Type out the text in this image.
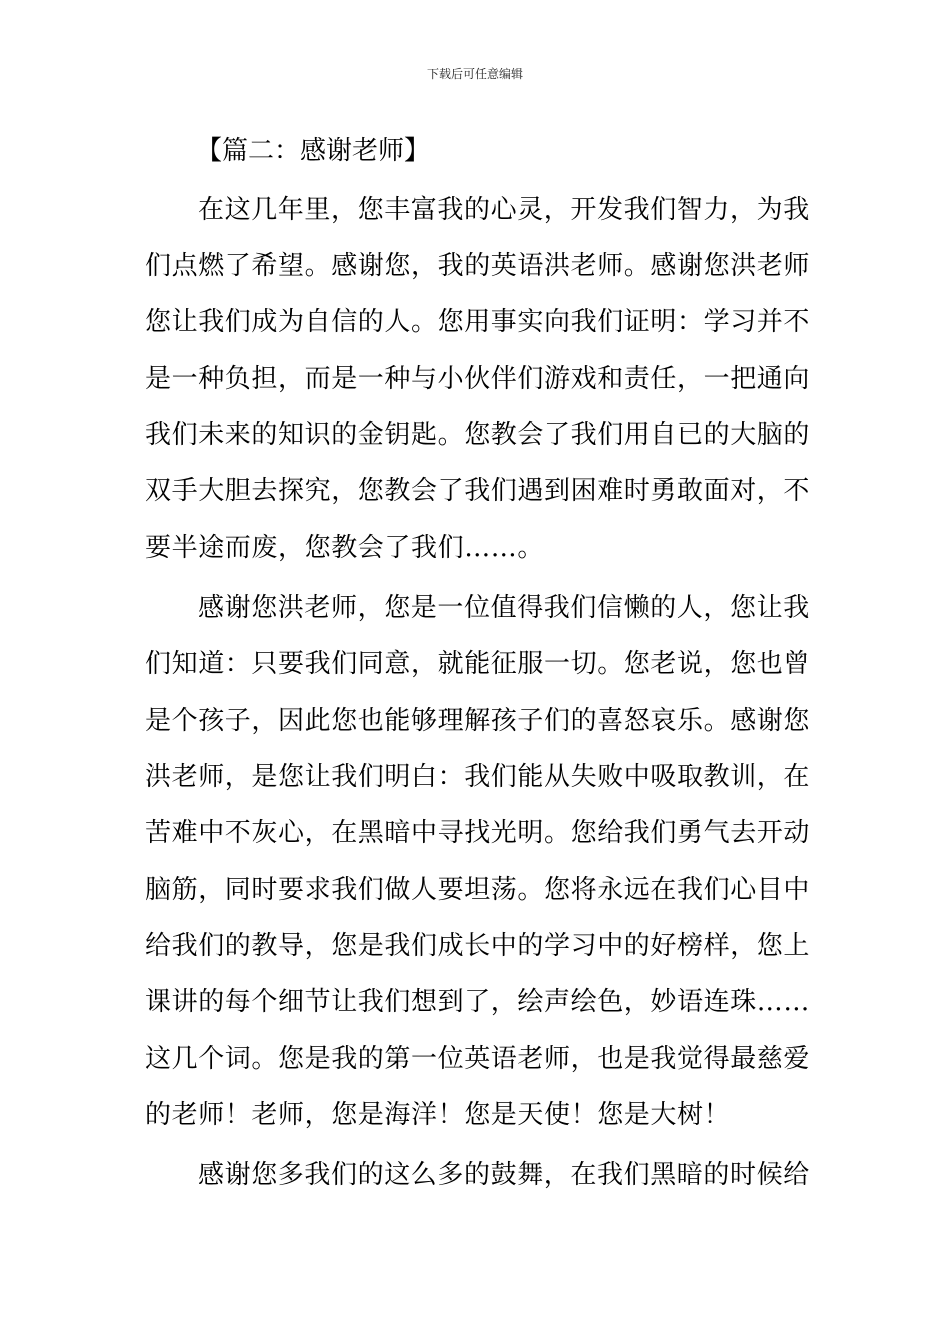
下载后可任意编辑
【篇二：感谢老师】
在这几年里，您丰富我的心灵，开发我们智力，为我
们点燃了希望。感谢您，我的英语洪老师。感谢您洪老师
您让我们成为自信的人。您用事实向我们证明：学习并不
是一种负担，而是一种与小伙伴们游戏和责任，一把通向
我们未来的知识的金钥匙。您教会了我们用自已的大脑的
双手大胆去探究，您教会了我们遇到困难时勇敢面对，不
要半途而废，您教会了我们……。
感谢您洪老师，您是一位值得我们信懒的人，您让我
们知道：只要我们同意，就能征服一切。您老说，您也曾
是个孩子，因此您也能够理解孩子们的喜怒哀乐。感谢您
洪老师，是您让我们明白：我们能从失败中吸取教训，在
苦难中不灰心，在黑暗中寻找光明。您给我们勇气去开动
脑筋，同时要求我们做人要坦荡。您将永远在我们心目中
给我们的教导，您是我们成长中的学习中的好榜样，您上
课讲的每个细节让我们想到了，绘声绘色，妙语连珠……
这几个词。您是我的第一位英语老师，也是我觉得最慈爱
的老师！老师，您是海洋！您是天使！您是大树！
感谢您多我们的这么多的鼓舞，在我们黑暗的时候给
